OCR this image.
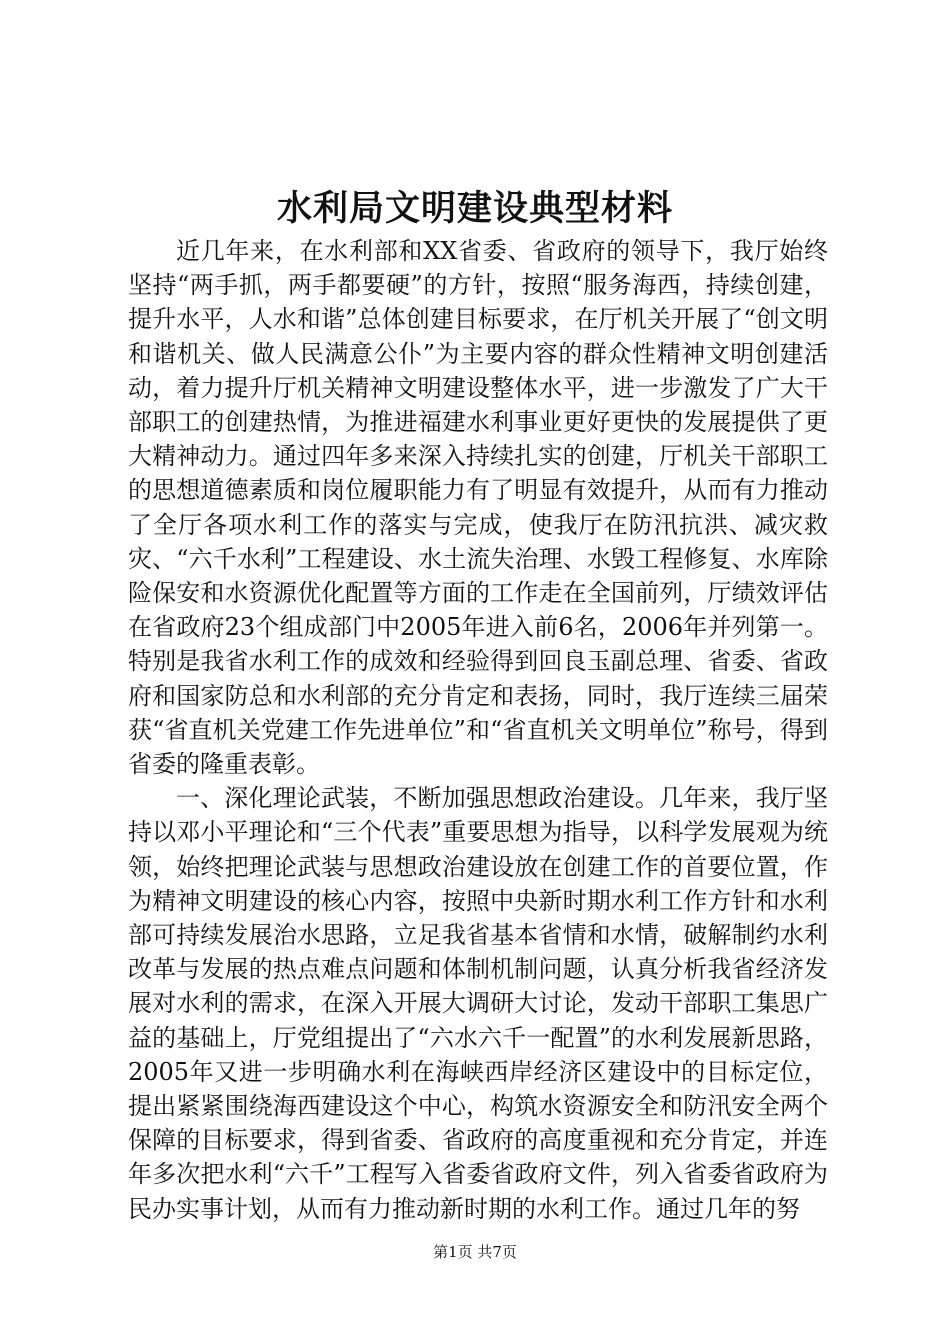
水利局文明建设典型材料

近几年来，在水利部和XX省委、省政府的领导下，我厅始终坚持“两手抓，两手都要硬”的方针，按照“服务海西，持续创建，提升水平，人水和谐”总体创建目标要求，在厅机关开展了“创文明和谐机关、做人民满意公仆”为主要内容的群众性精神文明创建活动，着力提升厅机关精神文明建设整体水平，进一步激发了广大干部职工的创建热情，为推进福建水利事业更好更快的发展提供了更大精神动力。通过四年多来深入持续扎实的创建，厅机关干部职工的思想道德素质和岗位履职能力有了明显有效提升，从而有力推动了全厅各项水利工作的落实与完成，使我厅在防汛抗洪、减灾救灾、“六千水利”工程建设、水土流失治理、水毁工程修复、水库除险保安和水资源优化配置等方面的工作走在全国前列，厅绩效评估在省政府23个组成部门中2005年进入前6名，2006年并列第一。特别是我省水利工作的成效和经验得到回良玉副总理、省委、省政府和国家防总和水利部的充分肯定和表扬，同时，我厅连续三届荣获“省直机关党建工作先进单位”和“省直机关文明单位”称号，得到省委的隆重表彰。

一、深化理论武装，不断加强思想政治建设。几年来，我厅坚持以邓小平理论和“三个代表”重要思想为指导，以科学发展观为统领，始终把理论武装与思想政治建设放在创建工作的首要位置，作为精神文明建设的核心内容，按照中央新时期水利工作方针和水利部可持续发展治水思路，立足我省基本省情和水情，破解制约水利改革与发展的热点难点问题和体制机制问题，认真分析我省经济发展对水利的需求，在深入开展大调研大讨论，发动干部职工集思广益的基础上，厅党组提出了“六水六千一配置”的水利发展新思路，2005年又进一步明确水利在海峡西岸经济区建设中的目标定位，提出紧紧围绕海西建设这个中心，构筑水资源安全和防汛安全两个保障的目标要求，得到省委、省政府的高度重视和充分肯定，并连年多次把水利“六千”工程写入省委省政府文件，列入省委省政府为民办实事计划，从而有力推动新时期的水利工作。通过几年的努

第1页 共7页
